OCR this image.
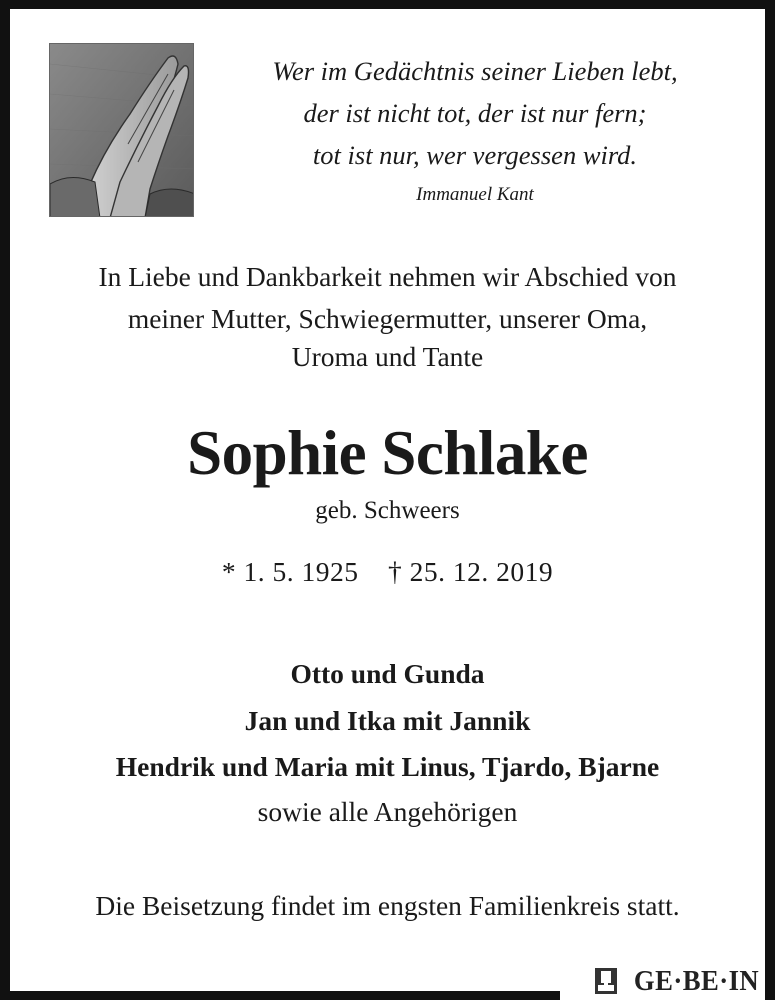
Wer im Gedächtnis seiner Lieben lebt,
der ist nicht tot, der ist nur fern;
tot ist nur, wer vergessen wird.
Immanuel Kant
In Liebe und Dankbarkeit nehmen wir Abschied von
meiner Mutter, Schwiegermutter, unserer Oma,
Uroma und Tante
Sophie Schlake
geb. Schweers
* 1. 5. 1925    † 25. 12. 2019
Otto und Gunda
Jan und Itka mit Jannik
Hendrik und Maria mit Linus, Tjardo, Bjarne
sowie alle Angehörigen
Die Beisetzung findet im engsten Familienkreis statt.
GE·BE·IN
